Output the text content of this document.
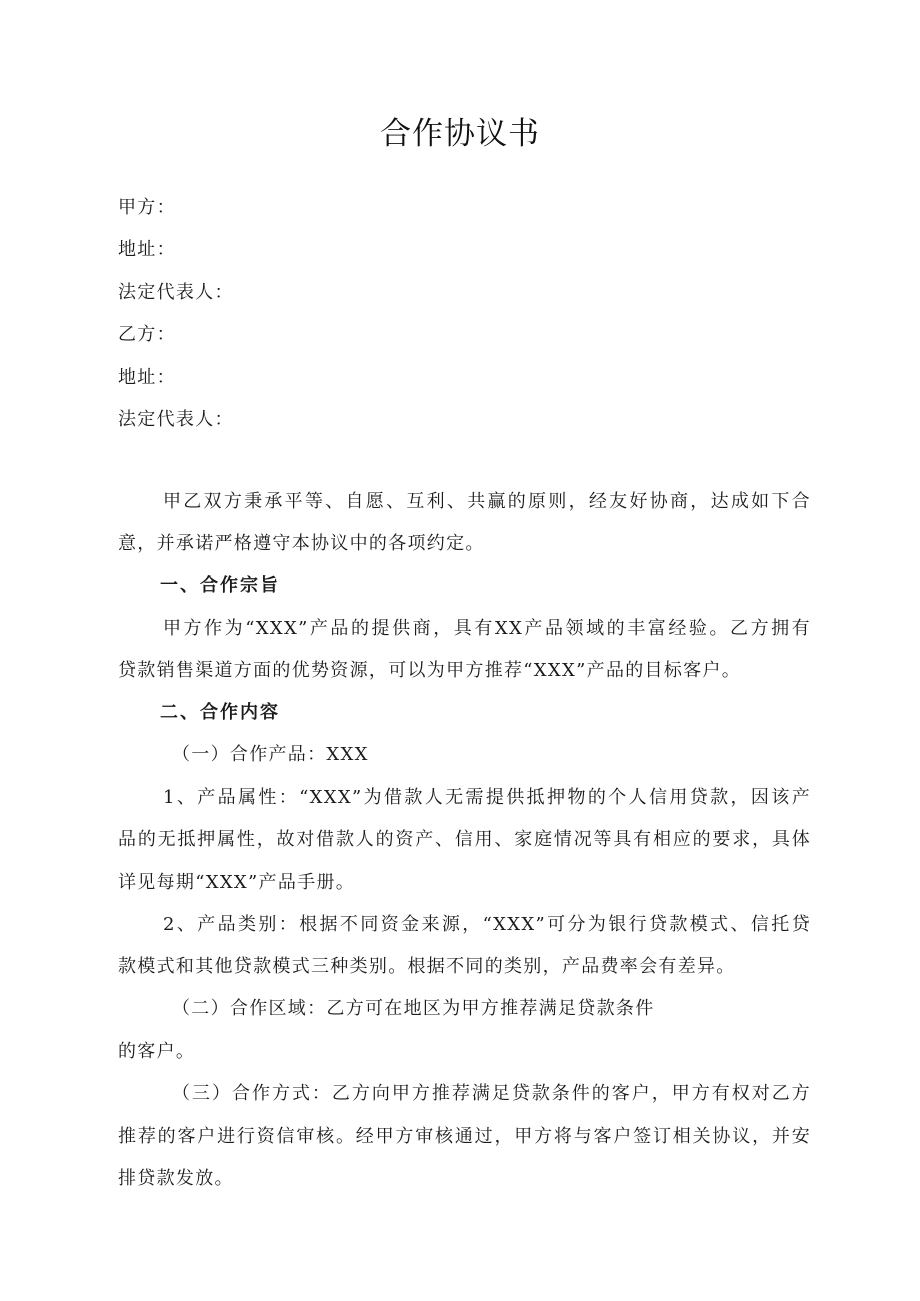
合作协议书
甲方：
地址：
法定代表人：
乙方：
地址：
法定代表人：
甲乙双方秉承平等、自愿、互利、共赢的原则，经友好协商，达成如下合
意，并承诺严格遵守本协议中的各项约定。
一、合作宗旨
甲方作为“XXX”产品的提供商，具有XX产品领域的丰富经验。乙方拥有
贷款销售渠道方面的优势资源，可以为甲方推荐“XXX”产品的目标客户。
二、合作内容
（一）合作产品：XXX
1、产品属性：“XXX”为借款人无需提供抵押物的个人信用贷款，因该产
品的无抵押属性，故对借款人的资产、信用、家庭情况等具有相应的要求，具体
详见每期“XXX”产品手册。
2、产品类别：根据不同资金来源，“XXX”可分为银行贷款模式、信托贷
款模式和其他贷款模式三种类别。根据不同的类别，产品费率会有差异。
（二）合作区域：乙方可在地区为甲方推荐满足贷款条件
的客户。
（三）合作方式：乙方向甲方推荐满足贷款条件的客户，甲方有权对乙方
推荐的客户进行资信审核。经甲方审核通过，甲方将与客户签订相关协议，并安
排贷款发放。
